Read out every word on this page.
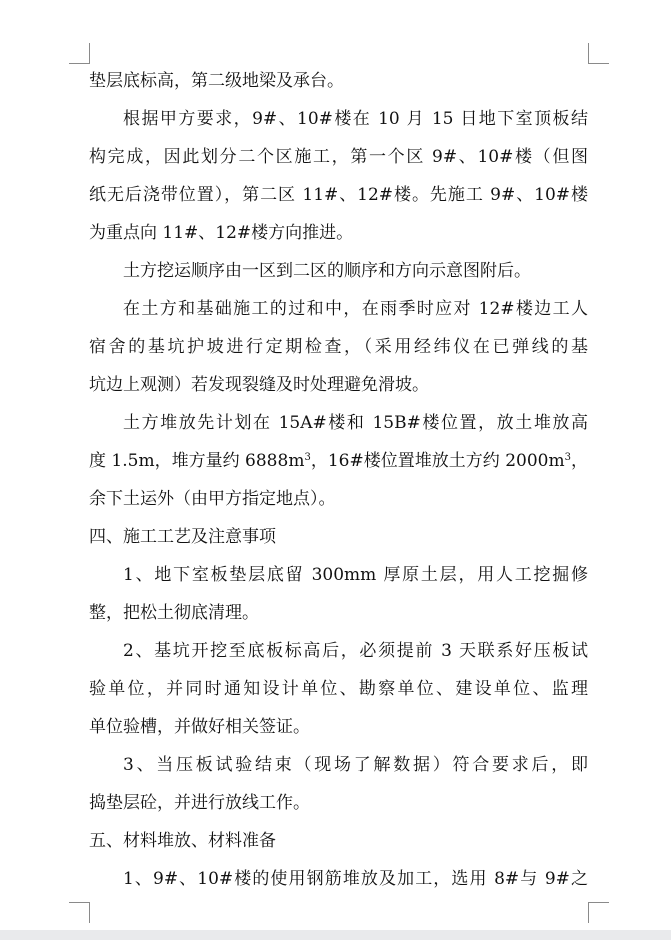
垫层底标高，第二级地梁及承台。
根据甲方要求，9#、10#楼在 10 月 15 日地下室顶板结
构完成，因此划分二个区施工，第一个区 9#、10#楼（但图
纸无后浇带位置），第二区 11#、12#楼。先施工 9#、10#楼
为重点向 11#、12#楼方向推进。
土方挖运顺序由一区到二区的顺序和方向示意图附后。
在土方和基础施工的过和中，在雨季时应对 12#楼边工人
宿舍的基坑护坡进行定期检查，（采用经纬仪在已弹线的基
坑边上观测）若发现裂缝及时处理避免滑坡。
土方堆放先计划在 15A#楼和 15B#楼位置，放土堆放高
度 1.5m，堆方量约 $6888m^3$，16#楼位置堆放土方约 $2000m^3$，
余下土运外（由甲方指定地点）。
四、施工工艺及注意事项
1、地下室板垫层底留 300mm 厚原土层，用人工挖掘修
整，把松土彻底清理。
2、基坑开挖至底板标高后，必须提前 3 天联系好压板试
验单位，并同时通知设计单位、勘察单位、建设单位、监理
单位验槽，并做好相关签证。
3、当压板试验结束（现场了解数据）符合要求后，即
捣垫层砼，并进行放线工作。
五、材料堆放、材料准备
1、9#、10#楼的使用钢筋堆放及加工，选用 8#与 9#之
